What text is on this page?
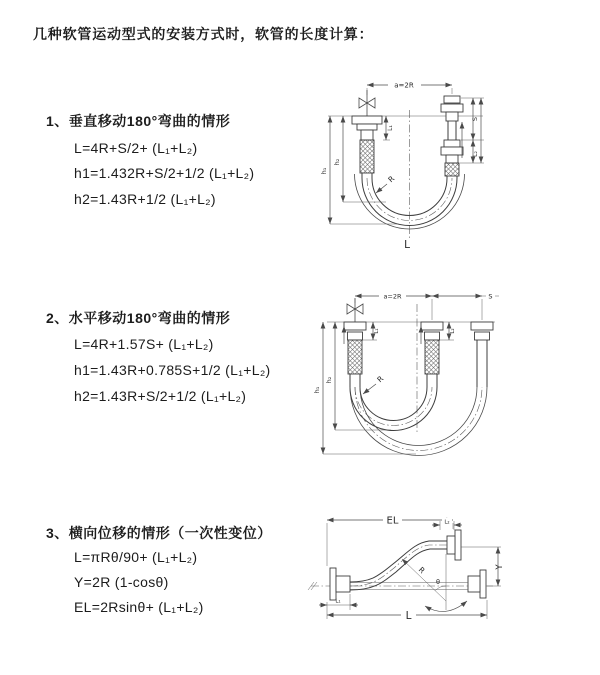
几种软管运动型式的安装方式时，软管的长度计算：
1、垂直移动180°弯曲的情形
L=4R+S/2+ (L₁+L₂)
h1=1.432R+S/2+1/2 (L₁+L₂)
h2=1.43R+1/2 (L₁+L₂)
2、水平移动180°弯曲的情形
L=4R+1.57S+ (L₁+L₂)
h1=1.43R+0.785S+1/2 (L₁+L₂)
h2=1.43R+S/2+1/2 (L₁+L₂)
3、横向位移的情形（一次性变位）
L=πRθ/90+ (L₁+L₂)
Y=2R (1-cosθ)
EL=2Rsinθ+ (L₁+L₂)
a=2R
L₁
S
L₂
h₁
h₂
R
L
a=2R	S
h₁
h₂
L₁	L₂
R
EL	L₂
R
θ
Y
L
L₁
